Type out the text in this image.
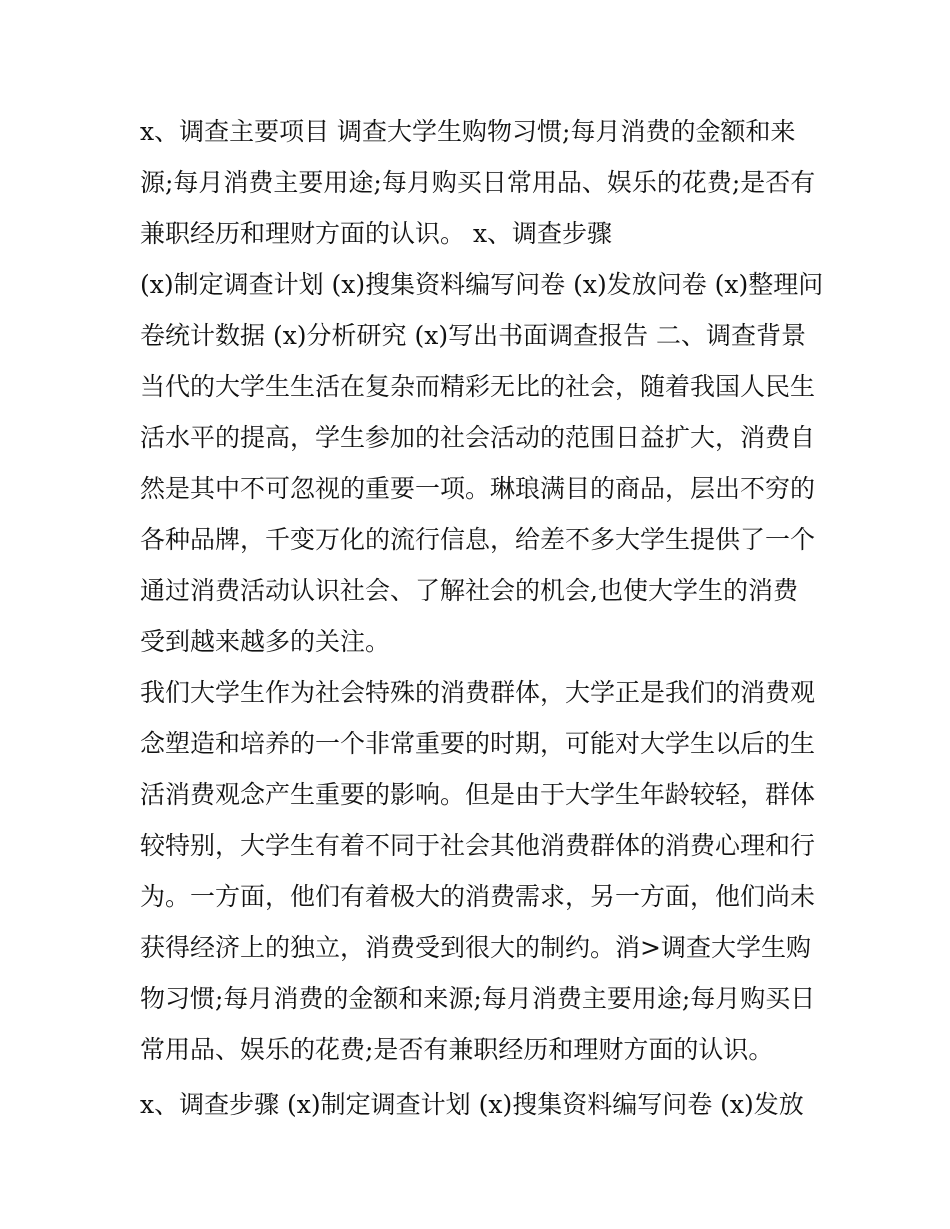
x、调查主要项目 调查大学生购物习惯;每月消费的金额和来
源;每月消费主要用途;每月购买日常用品、娱乐的花费;是否有
兼职经历和理财方面的认识。 x、调查步骤
(x)制定调查计划 (x)搜集资料编写问卷 (x)发放问卷 (x)整理问
卷统计数据 (x)分析研究 (x)写出书面调查报告 二、调查背景
当代的大学生生活在复杂而精彩无比的社会，随着我国人民生
活水平的提高，学生参加的社会活动的范围日益扩大，消费自
然是其中不可忽视的重要一项。琳琅满目的商品，层出不穷的
各种品牌，千变万化的流行信息，给差不多大学生提供了一个
通过消费活动认识社会、了解社会的机会,也使大学生的消费
受到越来越多的关注。
我们大学生作为社会特殊的消费群体，大学正是我们的消费观
念塑造和培养的一个非常重要的时期，可能对大学生以后的生
活消费观念产生重要的影响。但是由于大学生年龄较轻，群体
较特别，大学生有着不同于社会其他消费群体的消费心理和行
为。一方面，他们有着极大的消费需求，另一方面，他们尚未
获得经济上的独立，消费受到很大的制约。消>调查大学生购
物习惯;每月消费的金额和来源;每月消费主要用途;每月购买日
常用品、娱乐的花费;是否有兼职经历和理财方面的认识。
x、调查步骤 (x)制定调查计划 (x)搜集资料编写问卷 (x)发放
